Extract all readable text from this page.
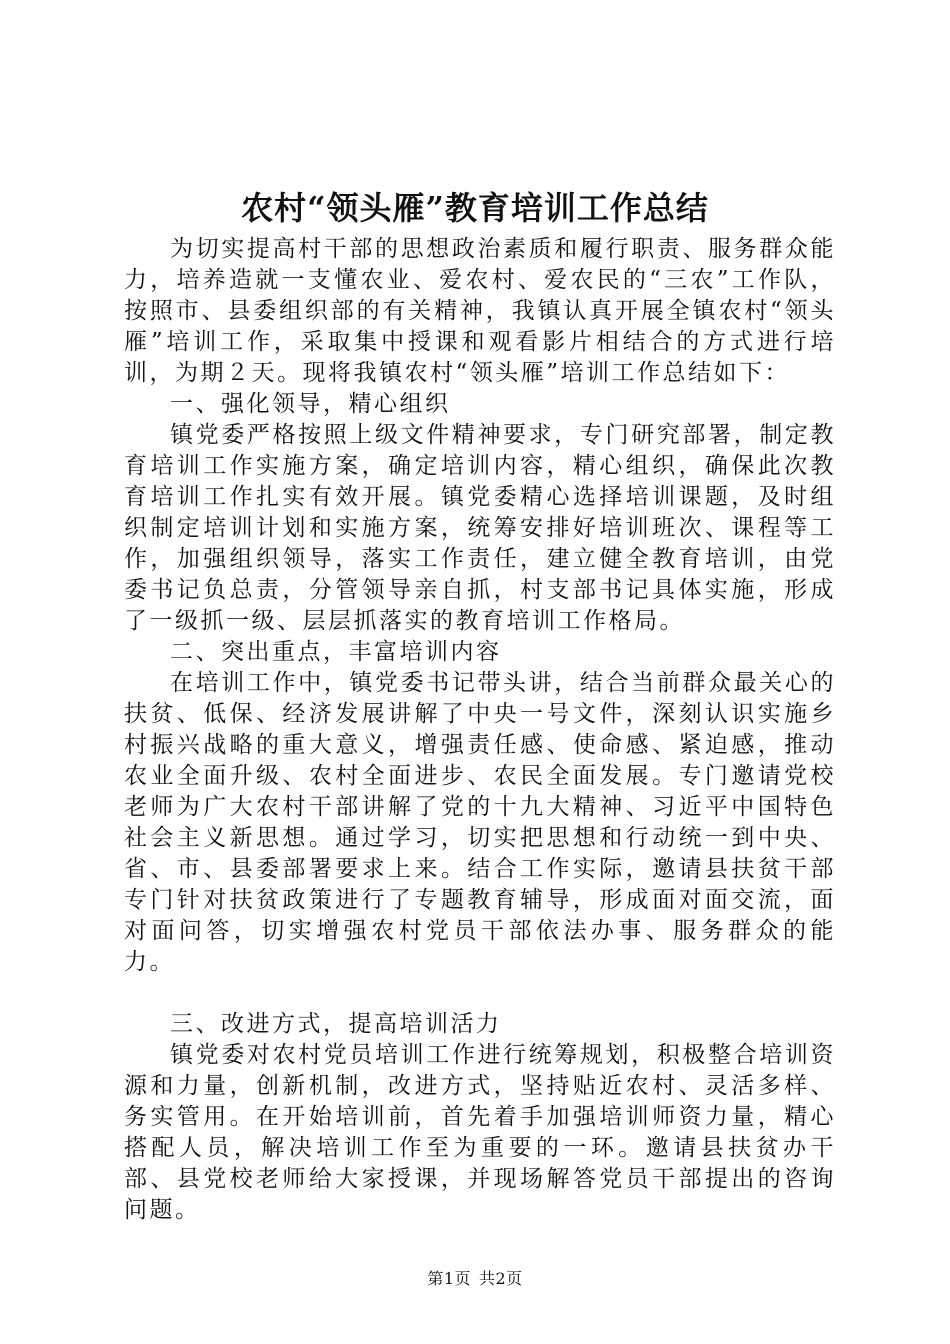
农村“领头雁”教育培训工作总结

为切实提高村干部的思想政治素质和履行职责、服务群众能力，培养造就一支懂农业、爱农村、爱农民的“三农”工作队，按照市、县委组织部的有关精神，我镇认真开展全镇农村“领头雁”培训工作，采取集中授课和观看影片相结合的方式进行培训，为期２天。现将我镇农村“领头雁”培训工作总结如下：

一、强化领导，精心组织

镇党委严格按照上级文件精神要求，专门研究部署，制定教育培训工作实施方案，确定培训内容，精心组织，确保此次教育培训工作扎实有效开展。镇党委精心选择培训课题，及时组织制定培训计划和实施方案，统筹安排好培训班次、课程等工作，加强组织领导，落实工作责任，建立健全教育培训，由党委书记负总责，分管领导亲自抓，村支部书记具体实施，形成了一级抓一级、层层抓落实的教育培训工作格局。

二、突出重点，丰富培训内容

在培训工作中，镇党委书记带头讲，结合当前群众最关心的扶贫、低保、经济发展讲解了中央一号文件，深刻认识实施乡村振兴战略的重大意义，增强责任感、使命感、紧迫感，推动农业全面升级、农村全面进步、农民全面发展。专门邀请党校老师为广大农村干部讲解了党的十九大精神、习近平中国特色社会主义新思想。通过学习，切实把思想和行动统一到中央、省、市、县委部署要求上来。结合工作实际，邀请县扶贫干部专门针对扶贫政策进行了专题教育辅导，形成面对面交流，面对面问答，切实增强农村党员干部依法办事、服务群众的能力。

三、改进方式，提高培训活力

镇党委对农村党员培训工作进行统筹规划，积极整合培训资源和力量，创新机制，改进方式，坚持贴近农村、灵活多样、务实管用。在开始培训前，首先着手加强培训师资力量，精心搭配人员，解决培训工作至为重要的一环。邀请县扶贫办干部、县党校老师给大家授课，并现场解答党员干部提出的咨询问题。

第1页 共2页
